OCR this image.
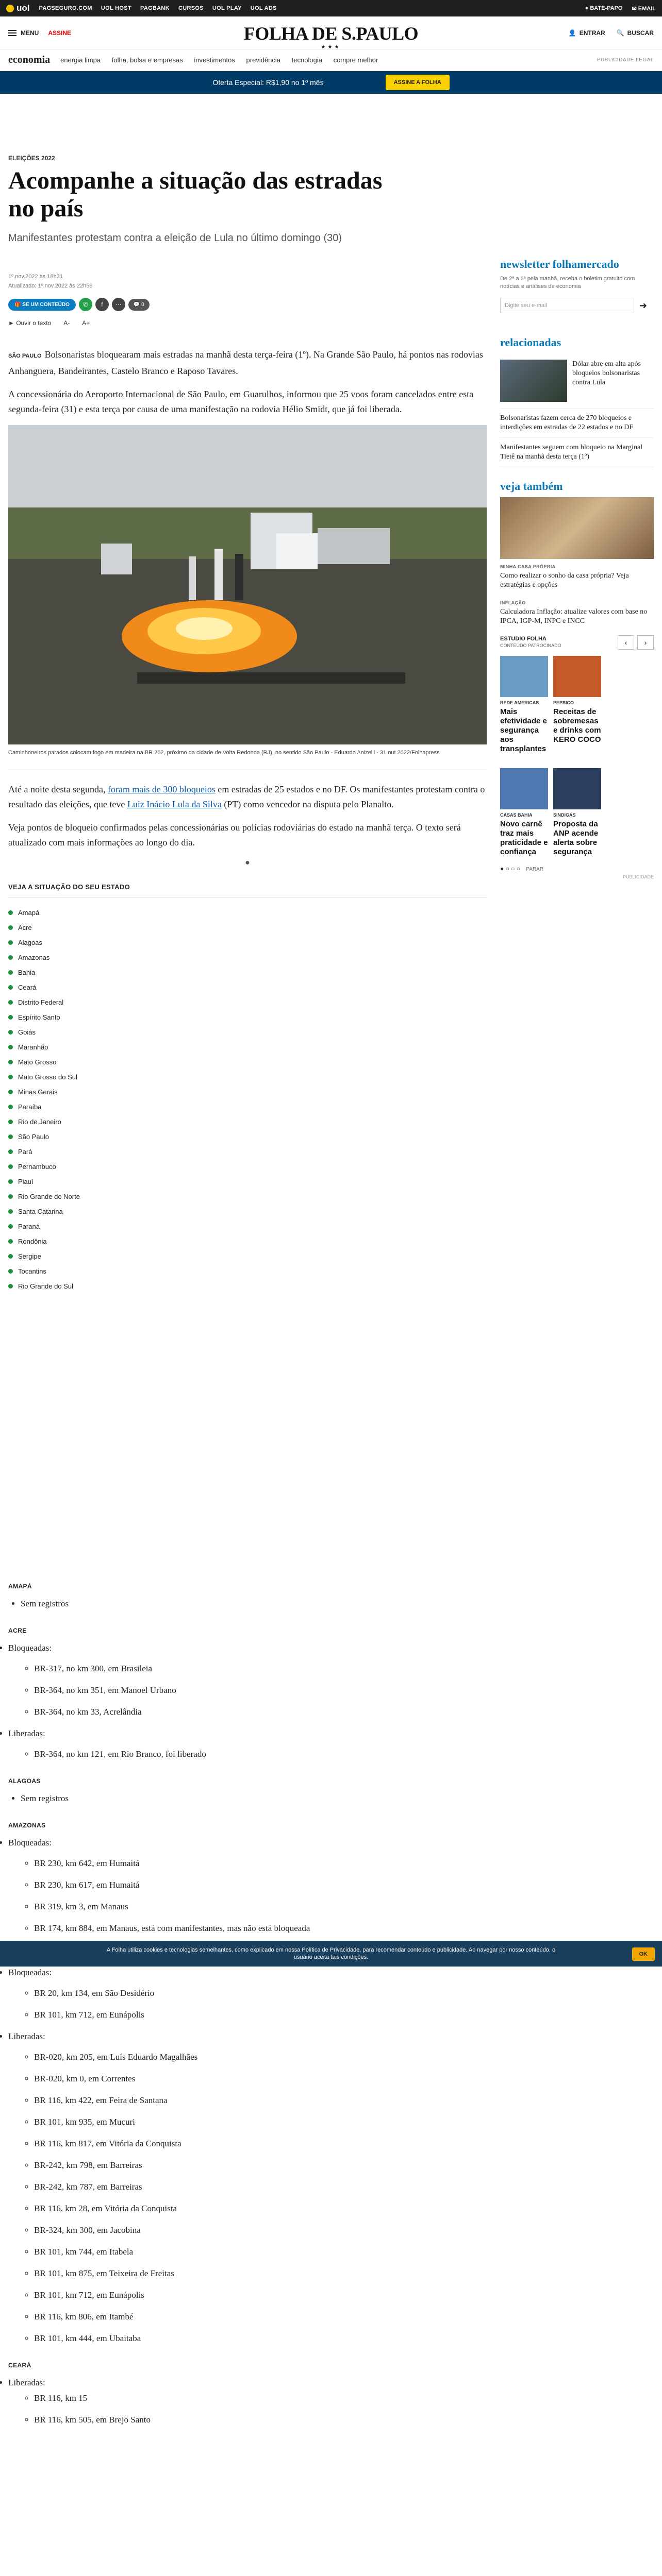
uol PAGSEGURO.COM UOL HOST PAGBANK CURSOS UOL PLAY UOL ADS	● BATE-PAPO ✉ EMAIL
MENU ASSINE	FOLHA DE S.PAULO
★★★
👤 ENTRAR 🔍 BUSCAR
economia energia limpa folha, bolsa e empresas investimentos previdência tecnologia compre melhor	PUBLICIDADE LEGAL
Oferta Especial: R$1,90 no 1º mês	ASSINE A FOLHA
ELEIÇÕES 2022
Acompanhe a situação das estradas no país
Manifestantes protestam contra a eleição de Lula no último domingo (30)
1º.nov.2022 às 18h31
Atualizado: 1º.nov.2022 às 22h59
🎁 SE UM CONTEÚDO	✆	f	⋯	💬 0
► Ouvir o texto A- A+

SÃO PAULO Bolsonaristas bloquearam mais estradas na manhã desta terça-feira (1º). Na Grande São Paulo, há pontos nas rodovias Anhanguera, Bandeirantes, Castelo Branco e Raposo Tavares.

A concessionária do Aeroporto Internacional de São Paulo, em Guarulhos, informou que 25 voos foram cancelados entre esta segunda-feira (31) e esta terça por causa de uma manifestação na rodovia Hélio Smidt, que já foi liberada.

Caminhoneiros parados colocam fogo em madeira na BR 262, próximo da cidade de Volta Redonda (RJ), no sentido São Paulo - Eduardo Anizelli - 31.out.2022/Folhapress

Até a noite desta segunda, foram mais de 300 bloqueios em estradas de 25 estados e no DF. Os manifestantes protestam contra o resultado das eleições, que teve Luiz Inácio Lula da Silva (PT) como vencedor na disputa pelo Planalto.

Veja pontos de bloqueio confirmados pelas concessionárias ou polícias rodoviárias do estado na manhã terça. O texto será atualizado com mais informações ao longo do dia.

●
VEJA A SITUAÇÃO DO SEU ESTADO
Amapá
Acre
Alagoas
Amazonas
Bahia
Ceará
Distrito Federal
Espírito Santo
Goiás
Maranhão
Mato Grosso
Mato Grosso do Sul
Minas Gerais
Paraíba
Rio de Janeiro
São Paulo
Pará
Pernambuco
Piauí
Rio Grande do Norte
Santa Catarina
Paraná
Rondônia
Sergipe
Tocantins
Rio Grande do Sul
newsletter folhamercado
De 2ª a 6ª pela manhã, receba o boletim gratuito com notícias e análises de economia
Digite seu e-mail	➜
relacionadas
Dólar abre em alta após bloqueios bolsonaristas contra Lula
Bolsonaristas fazem cerca de 270 bloqueios e interdições em estradas de 22 estados e no DF
Manifestantes seguem com bloqueio na Marginal Tietê na manhã desta terça (1º)
veja também
MINHA CASA PRÓPRIA
Como realizar o sonho da casa própria? Veja estratégias e opções
INFLAÇÃO
Calculadora Inflação: atualize valores com base no IPCA, IGP-M, INPC e INCC
ESTUDIO FOLHA
CONTEÚDO PATROCINADO	‹	›
REDE AMERICAS
Mais efetividade e segurança aos transplantes
PEPSICO
Receitas de sobremesas e drinks com KERO COCO
CASAS BAHIA
Novo carnê traz mais praticidade e confiança
SINDIGÁS
Proposta da ANP acende alerta sobre segurança
● ○ ○ ○ PARAR
PUBLICIDADE
AMAPÁ
• Sem registros
ACRE
• Bloqueadas:
◦ BR-317, no km 300, em Brasileia
◦ BR-364, no km 351, em Manoel Urbano
◦ BR-364, no km 33, Acrelândia
• Liberadas:
◦ BR-364, no km 121, em Rio Branco, foi liberado
ALAGOAS
• Sem registros
AMAZONAS
• Bloqueadas:
◦ BR 230, km 642, em Humaitá
◦ BR 230, km 617, em Humaitá
◦ BR 319, km 3, em Manaus
◦ BR 174, km 884, em Manaus, está com manifestantes, mas não está bloqueada
• Bloqueadas:
◦ BR 20, km 134, em São Desidério
◦ BR 101, km 712, em Eunápolis
• Liberadas:
◦ BR-020, km 205, em Luís Eduardo Magalhães
◦ BR-020, km 0, em Correntes
◦ BR 116, km 422, em Feira de Santana
◦ BR 101, km 935, em Mucuri
◦ BR 116, km 817, em Vitória da Conquista
◦ BR-242, km 798, em Barreiras
◦ BR-242, km 787, em Barreiras
◦ BR 116, km 28, em Vitória da Conquista
◦ BR-324, km 300, em Jacobina
◦ BR 101, km 744, em Itabela
◦ BR 101, km 875, em Teixeira de Freitas
◦ BR 101, km 712, em Eunápolis
◦ BR 116, km 806, em Itambé
◦ BR 101, km 444, em Ubaitaba
CEARÁ
• Liberadas:
◦ BR 116, km 15
◦ BR 116, km 505, em Brejo Santo
A Folha utiliza cookies e tecnologias semelhantes, como explicado em nossa Política de Privacidade, para recomendar conteúdo e publicidade. Ao navegar por nosso conteúdo, o usuário aceita tais condições.	OK
